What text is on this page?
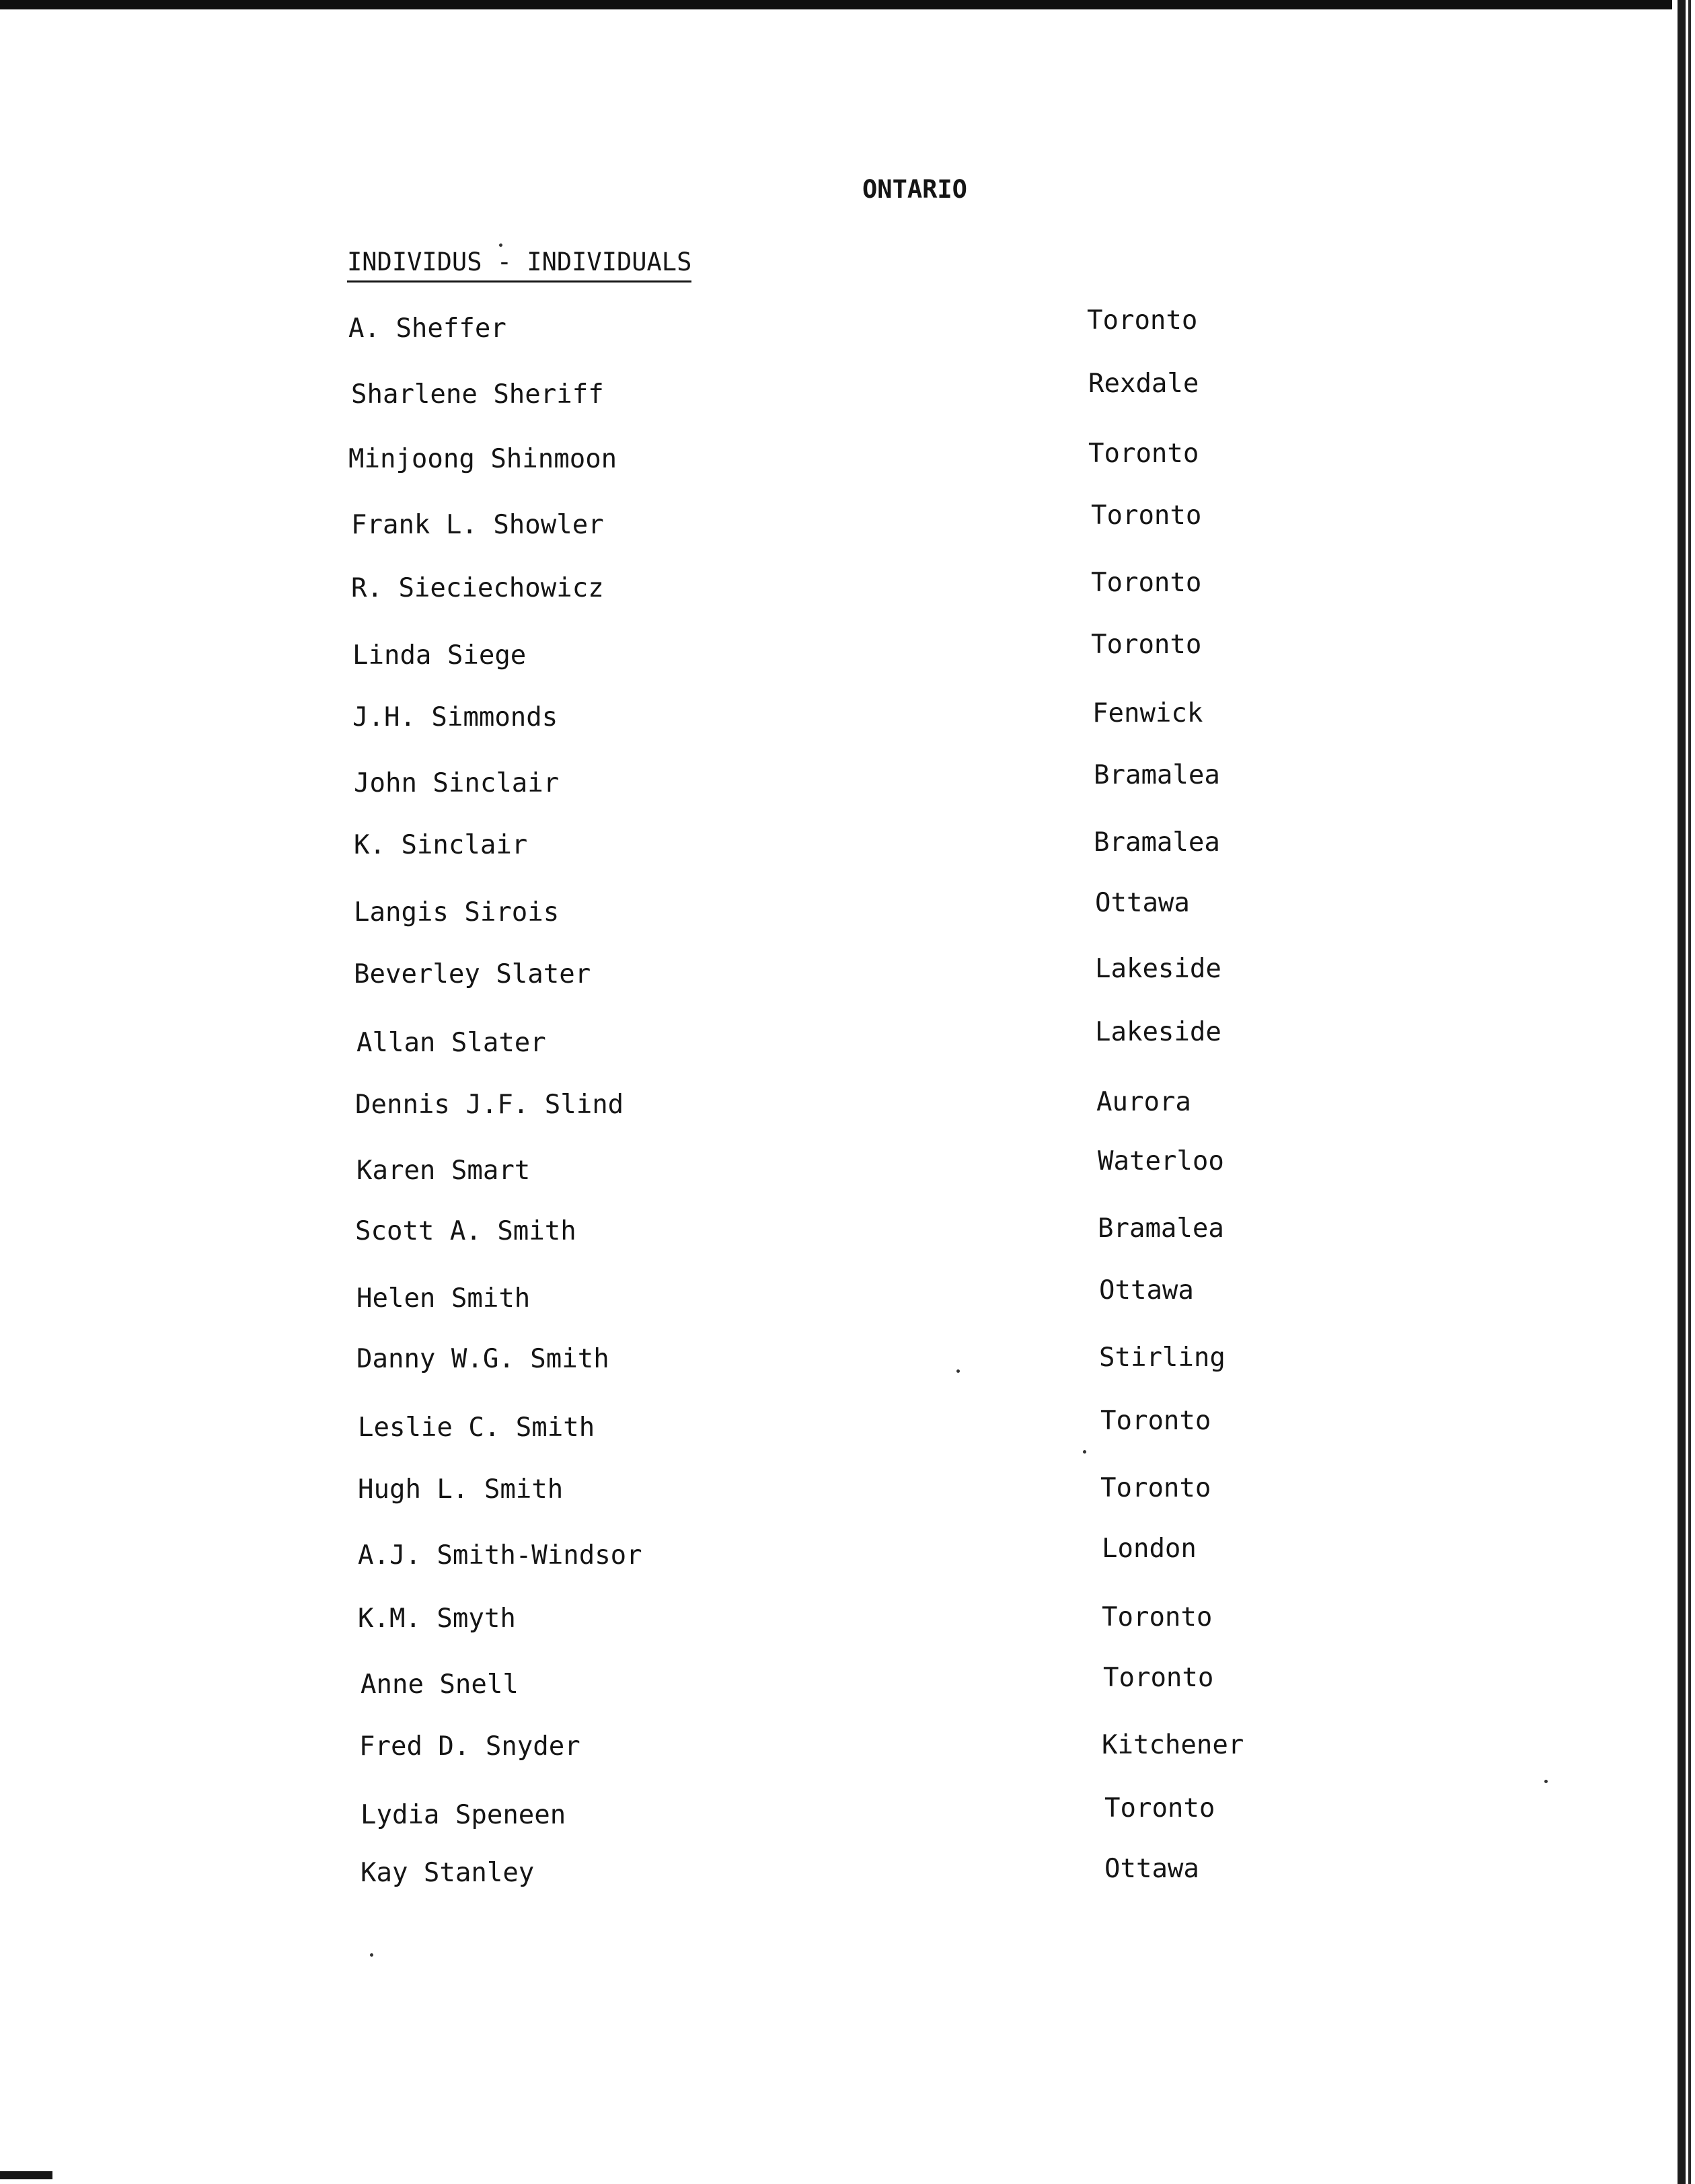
ONTARIO
INDIVIDUS - INDIVIDUALS
A. Sheffer	Toronto
Sharlene Sheriff	Rexdale
Minjoong Shinmoon	Toronto
Frank L. Showler	Toronto
R. Sieciechowicz	Toronto
Linda Siege	Toronto
J.H. Simmonds	Fenwick
John Sinclair	Bramalea
K. Sinclair	Bramalea
Langis Sirois	Ottawa
Beverley Slater	Lakeside
Allan Slater	Lakeside
Dennis J.F. Slind	Aurora
Karen Smart	Waterloo
Scott A. Smith	Bramalea
Helen Smith	Ottawa
Danny W.G. Smith	Stirling
Leslie C. Smith	Toronto
Hugh L. Smith	Toronto
A.J. Smith-Windsor	London
K.M. Smyth	Toronto
Anne Snell	Toronto
Fred D. Snyder	Kitchener
Lydia Speneen	Toronto
Kay Stanley	Ottawa
